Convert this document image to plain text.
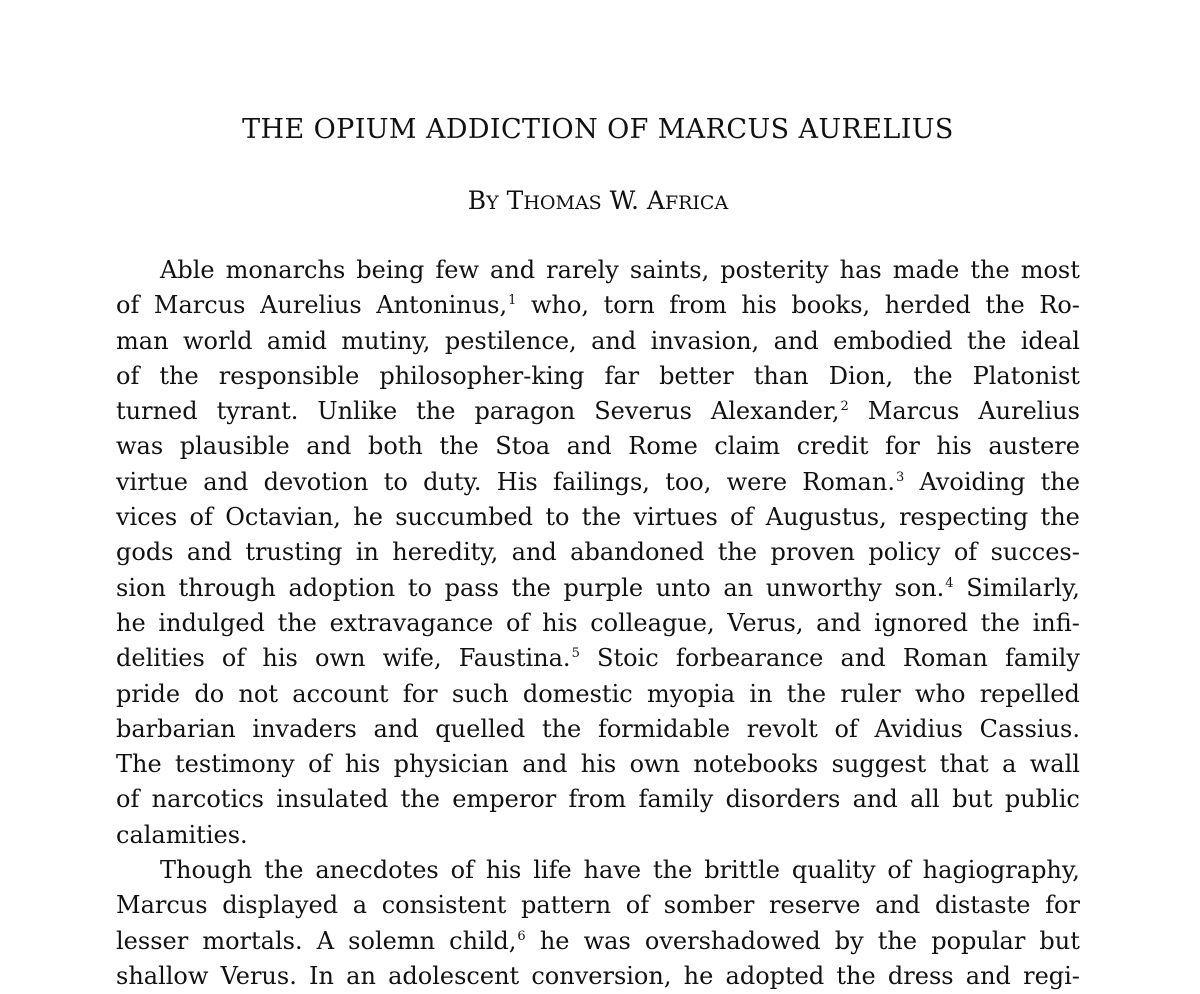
THE OPIUM ADDICTION OF MARCUS AURELIUS
BY THOMAS W. AFRICA
Able monarchs being few and rarely saints, posterity has made the most
of Marcus Aurelius Antoninus,$^1$ who, torn from his books, herded the Ro-
man world amid mutiny, pestilence, and invasion, and embodied the ideal
of the responsible philosopher-king far better than Dion, the Platonist
turned tyrant. Unlike the paragon Severus Alexander,$^2$ Marcus Aurelius
was plausible and both the Stoa and Rome claim credit for his austere
virtue and devotion to duty. His failings, too, were Roman.$^3$ Avoiding the
vices of Octavian, he succumbed to the virtues of Augustus, respecting the
gods and trusting in heredity, and abandoned the proven policy of succes-
sion through adoption to pass the purple unto an unworthy son.$^4$ Similarly,
he indulged the extravagance of his colleague, Verus, and ignored the infi-
delities of his own wife, Faustina.$^5$ Stoic forbearance and Roman family
pride do not account for such domestic myopia in the ruler who repelled
barbarian invaders and quelled the formidable revolt of Avidius Cassius.
The testimony of his physician and his own notebooks suggest that a wall
of narcotics insulated the emperor from family disorders and all but public
calamities.
Though the anecdotes of his life have the brittle quality of hagiography,
Marcus displayed a consistent pattern of somber reserve and distaste for
lesser mortals. A solemn child,$^6$ he was overshadowed by the popular but
shallow Verus. In an adolescent conversion, he adopted the dress and regi-
